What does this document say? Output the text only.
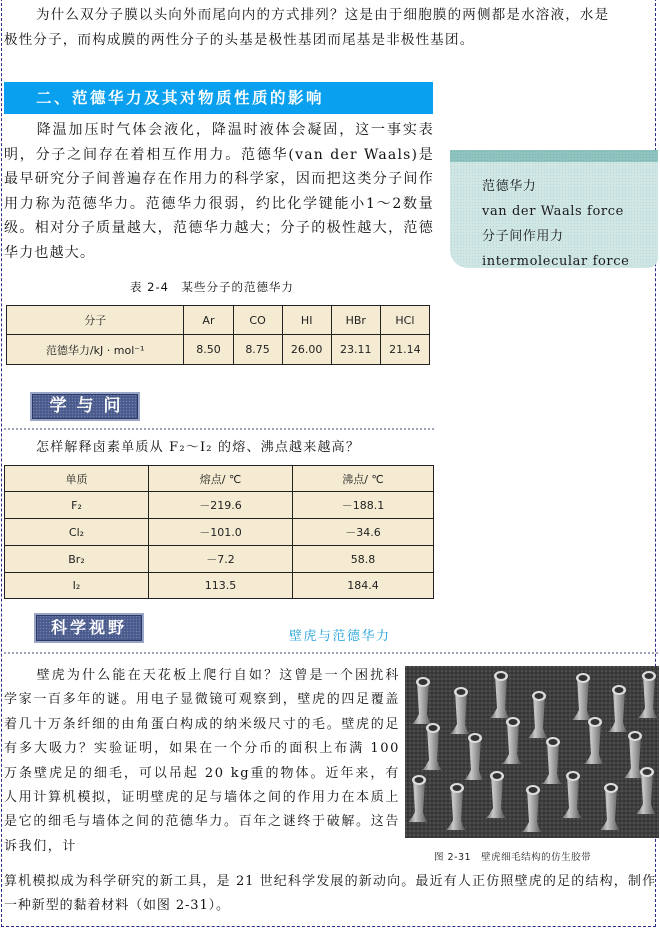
为什么双分子膜以头向外而尾向内的方式排列？这是由于细胞膜的两侧都是水溶液，水是
极性分子，而构成膜的两性分子的头基是极性基团而尾基是非极性基团。

二、范德华力及其对物质性质的影响

降温加压时气体会液化，降温时液体会凝固，这一事实表明，分子之间存在着相互作用力。范德华(van der Waals)是最早研究分子间普遍存在作用力的科学家，因而把这类分子间作用力称为范德华力。范德华力很弱，约比化学键能小1～2数量级。相对分子质量越大，范德华力越大；分子的极性越大，范德华力也越大。

范德华力
van der Waals force
分子间作用力
intermolecular force
表 2-4　某些分子的范德华力
分子	Ar	CO	HI	HBr	HCl
范德华力/kJ · mol⁻¹	8.50	8.75	26.00	23.11	21.14
学与问
怎样解释卤素单质从 F₂～I₂ 的熔、沸点越来越高？
单质	熔点/ ℃	沸点/ ℃
F₂	－219.6	－188.1
Cl₂	－101.0	－34.6
Br₂	－7.2	58.8
I₂	113.5	184.4
科学视野	壁虎与范德华力

壁虎为什么能在天花板上爬行自如？这曾是一个困扰科学家一百多年的谜。用电子显微镜可观察到，壁虎的四足覆盖着几十万条纤细的由角蛋白构成的纳米级尺寸的毛。壁虎的足有多大吸力？实验证明，如果在一个分币的面积上布满 100 万条壁虎足的细毛，可以吊起 20 kg重的物体。近年来，有人用计算机模拟，证明壁虎的足与墙体之间的作用力在本质上是它的细毛与墙体之间的范德华力。百年之谜终于破解。这告诉我们，计

算机模拟成为科学研究的新工具，是 21 世纪科学发展的新动向。最近有人正仿照壁虎的足的结构，制作一种新型的黏着材料（如图 2-31）。

图 2-31　壁虎细毛结构的仿生胶带
